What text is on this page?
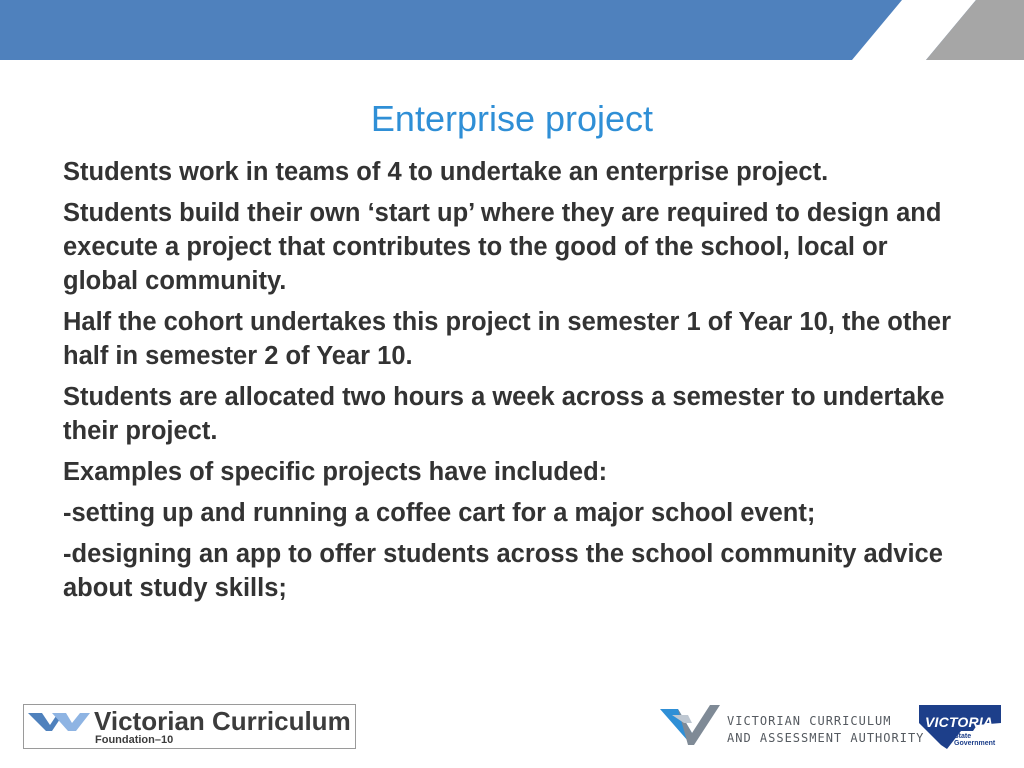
Enterprise project

Students work in teams of 4 to undertake an enterprise project.

Students build their own ‘start up’ where they are required to design and execute a project that contributes to the good of the school, local or global community.

Half the cohort undertakes this project in semester 1 of Year 10, the other half in semester 2 of Year 10.

Students are allocated two hours a week across a semester to undertake their project.

Examples of specific projects have included:

-setting up and running a coffee cart for a major school event;

-designing an app to offer students across the school community advice about study skills;

Victorian Curriculum
Foundation–10
VICTORIAN CURRICULUM
AND ASSESSMENT AUTHORITY
VICTORIA
State
Government
